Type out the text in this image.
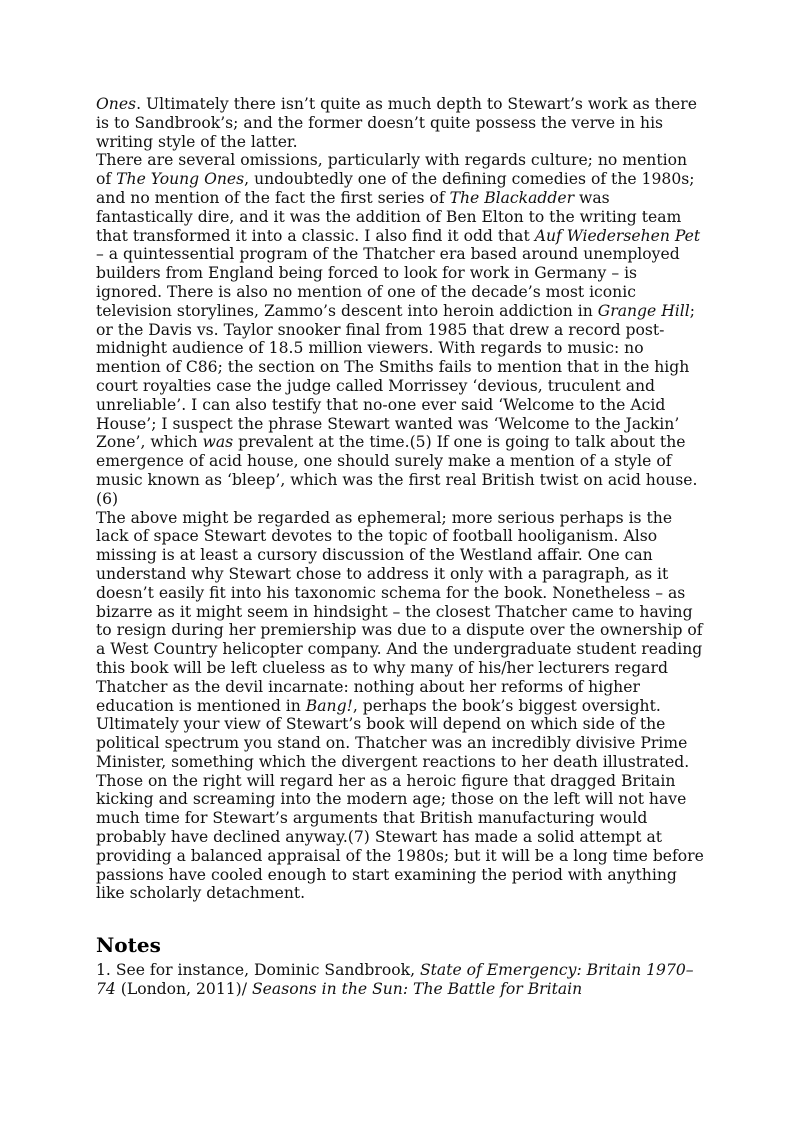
Ones. Ultimately there isn’t quite as much depth to Stewart’s work as there is to Sandbrook’s; and the former doesn’t quite possess the verve in his writing style of the latter.

There are several omissions, particularly with regards culture; no mention of The Young Ones, undoubtedly one of the defining comedies of the 1980s; and no mention of the fact the first series of The Blackadder was fantastically dire, and it was the addition of Ben Elton to the writing team that transformed it into a classic. I also find it odd that Auf Wiedersehen Pet – a quintessential program of the Thatcher era based around unemployed builders from England being forced to look for work in Germany – is ignored. There is also no mention of one of the decade’s most iconic television storylines, Zammo’s descent into heroin addiction in Grange Hill; or the Davis vs. Taylor snooker final from 1985 that drew a record post-midnight audience of 18.5 million viewers. With regards to music: no mention of C86; the section on The Smiths fails to mention that in the high court royalties case the judge called Morrissey ‘devious, truculent and unreliable’. I can also testify that no-one ever said ‘Welcome to the Acid House’; I suspect the phrase Stewart wanted was ‘Welcome to the Jackin’ Zone’, which was prevalent at the time.(5) If one is going to talk about the emergence of acid house, one should surely make a mention of a style of music known as ‘bleep’, which was the first real British twist on acid house.(6)

The above might be regarded as ephemeral; more serious perhaps is the lack of space Stewart devotes to the topic of football hooliganism. Also missing is at least a cursory discussion of the Westland affair. One can understand why Stewart chose to address it only with a paragraph, as it doesn’t easily fit into his taxonomic schema for the book. Nonetheless – as bizarre as it might seem in hindsight – the closest Thatcher came to having to resign during her premiership was due to a dispute over the ownership of a West Country helicopter company. And the undergraduate student reading this book will be left clueless as to why many of his/her lecturers regard Thatcher as the devil incarnate: nothing about her reforms of higher education is mentioned in Bang!, perhaps the book’s biggest oversight.

Ultimately your view of Stewart’s book will depend on which side of the political spectrum you stand on. Thatcher was an incredibly divisive Prime Minister, something which the divergent reactions to her death illustrated. Those on the right will regard her as a heroic figure that dragged Britain kicking and screaming into the modern age; those on the left will not have much time for Stewart’s arguments that British manufacturing would probably have declined anyway.(7) Stewart has made a solid attempt at providing a balanced appraisal of the 1980s; but it will be a long time before passions have cooled enough to start examining the period with anything like scholarly detachment.

Notes

1. See for instance, Dominic Sandbrook, State of Emergency: Britain 1970–74 (London, 2011)/ Seasons in the Sun: The Battle for Britain
